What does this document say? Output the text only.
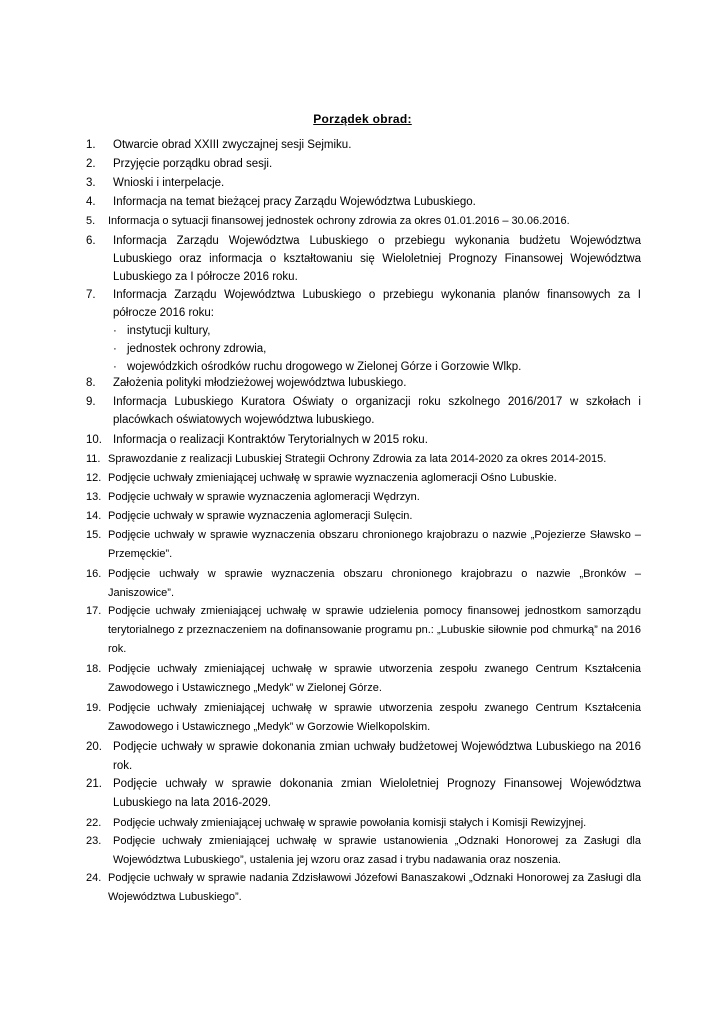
Porządek obrad:
1. Otwarcie obrad XXIII zwyczajnej sesji Sejmiku.
2. Przyjęcie porządku obrad sesji.
3. Wnioski i interpelacje.
4. Informacja na temat bieżącej pracy Zarządu Województwa Lubuskiego.
5. Informacja o sytuacji finansowej jednostek ochrony zdrowia za okres 01.01.2016 – 30.06.2016.
6. Informacja Zarządu Województwa Lubuskiego o przebiegu wykonania budżetu Województwa Lubuskiego oraz informacja o kształtowaniu się Wieloletniej Prognozy Finansowej Województwa Lubuskiego za I półrocze 2016 roku.
7. Informacja Zarządu Województwa Lubuskiego o przebiegu wykonania planów finansowych za I półrocze 2016 roku:
· instytucji kultury,
· jednostek ochrony zdrowia,
· wojewódzkich ośrodków ruchu drogowego w Zielonej Górze i Gorzowie Wlkp.
8. Założenia polityki młodzieżowej województwa lubuskiego.
9. Informacja Lubuskiego Kuratora Oświaty o organizacji roku szkolnego 2016/2017 w szkołach i placówkach oświatowych województwa lubuskiego.
10. Informacja o realizacji Kontraktów Terytorialnych w 2015 roku.
11. Sprawozdanie z realizacji Lubuskiej Strategii Ochrony Zdrowia za lata 2014-2020 za okres 2014-2015.
12. Podjęcie uchwały zmieniającej uchwałę w sprawie wyznaczenia aglomeracji Ośno Lubuskie.
13. Podjęcie uchwały w sprawie wyznaczenia aglomeracji Wędrzyn.
14. Podjęcie uchwały w sprawie wyznaczenia aglomeracji Sulęcin.
15. Podjęcie uchwały w sprawie wyznaczenia obszaru chronionego krajobrazu o nazwie „Pojezierze Sławsko – Przemęckie”.
16. Podjęcie uchwały w sprawie wyznaczenia obszaru chronionego krajobrazu o nazwie „Bronków – Janiszowice”.
17. Podjęcie uchwały zmieniającej uchwałę w sprawie udzielenia pomocy finansowej jednostkom samorządu terytorialnego z przeznaczeniem na dofinansowanie programu pn.: „Lubuskie siłownie pod chmurką” na 2016 rok.
18. Podjęcie uchwały zmieniającej uchwałę w sprawie utworzenia zespołu zwanego Centrum Kształcenia Zawodowego i Ustawicznego „Medyk” w Zielonej Górze.
19. Podjęcie uchwały zmieniającej uchwałę w sprawie utworzenia zespołu zwanego Centrum Kształcenia Zawodowego i Ustawicznego „Medyk” w Gorzowie Wielkopolskim.
20. Podjęcie uchwały w sprawie dokonania zmian uchwały budżetowej Województwa Lubuskiego na 2016 rok.
21. Podjęcie uchwały w sprawie dokonania zmian Wieloletniej Prognozy Finansowej Województwa Lubuskiego na lata 2016-2029.
22. Podjęcie uchwały zmieniającej uchwałę w sprawie powołania komisji stałych i Komisji Rewizyjnej.
23. Podjęcie uchwały zmieniającej uchwałę w sprawie ustanowienia „Odznaki Honorowej za Zasługi dla Województwa Lubuskiego”, ustalenia jej wzoru oraz zasad i trybu nadawania oraz noszenia.
24. Podjęcie uchwały w sprawie nadania Zdzisławowi Józefowi Banaszakowi „Odznaki Honorowej za Zasługi dla Województwa Lubuskiego”.
